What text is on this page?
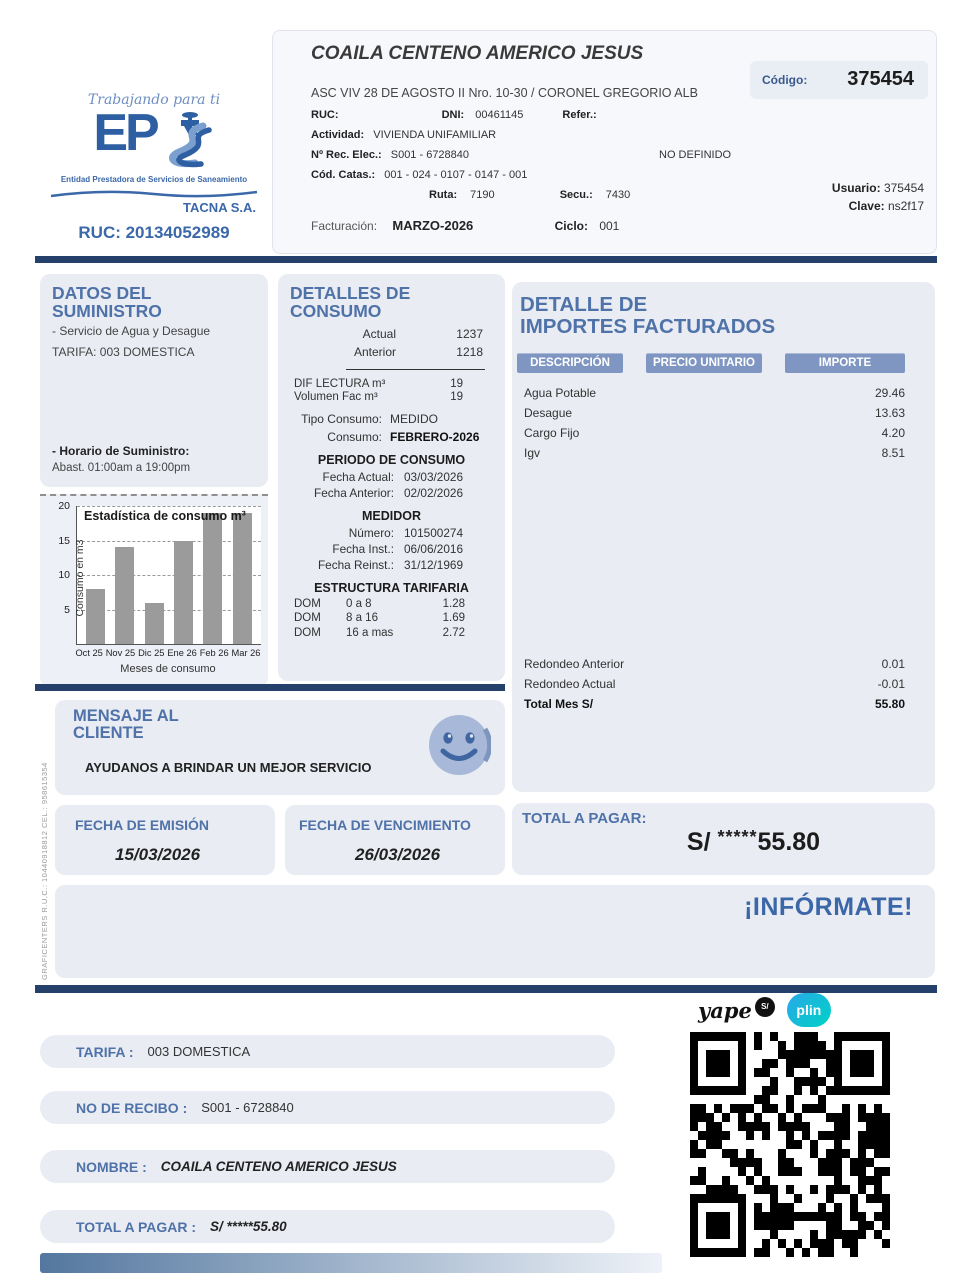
Trabajando para ti
EP
Entidad Prestadora de Servicios de Saneamiento
TACNA S.A.
RUC: 20134052989
COAILA CENTENO AMERICO JESUS
Código: 375454
ASC VIV 28 DE AGOSTO II Nro. 10-30 / CORONEL GREGORIO ALB
RUC:	DNI: 00461145	Refer.:
Actividad: VIVIENDA UNIFAMILIAR
Nº Rec. Elec.: S001 - 6728840	NO DEFINIDO
Cód. Catas.: 001 - 024 - 0107 - 0147 - 001
Ruta: 7190	Secu.: 7430	Usuario: 375454
Clave: ns2f17
Facturación: MARZO-2026	Ciclo: 001
DATOS DEL
SUMINISTRO
- Servicio de Agua y Desague
TARIFA: 003 DOMESTICA
- Horario de Suministro:
Abast. 01:00am a 19:00pm
Estadística de consumo m³
5
10
15
20
Consumo en m3
Oct 25 Nov 25 Dic 25 Ene 26 Feb 26 Mar 26
Meses de consumo
DETALLES DE
CONSUMO
Actual	1237
Anterior	1218
DIF LECTURA m³	19
Volumen Fac m³	19
Tipo Consumo: MEDIDO
Consumo: FEBRERO-2026
PERIODO DE CONSUMO
Fecha Actual: 03/03/2026
Fecha Anterior: 02/02/2026
MEDIDOR
Número: 101500274
Fecha Inst.: 06/06/2016
Fecha Reinst.: 31/12/1969
ESTRUCTURA TARIFARIA
DOM	0 a 8	1.28
DOM	8 a 16	1.69
DOM	16 a mas	2.72
DETALLE DE
IMPORTES FACTURADOS
DESCRIPCIÓN	PRECIO UNITARIO	IMPORTE
Agua Potable	29.46
Desague	13.63
Cargo Fijo	4.20
Igv	8.51
Redondeo Anterior	0.01
Redondeo Actual	-0.01
Total Mes S/	55.80
MENSAJE AL
CLIENTE
AYUDANOS A BRINDAR UN MEJOR SERVICIO
FECHA DE EMISIÓN
15/03/2026
FECHA DE VENCIMIENTO
26/03/2026
TOTAL A PAGAR:
S/ *****55.80
¡INFÓRMATE!
GRAFICENTERS R.U.C.: 10440918812 CEL.: 958615354
yape	S/	plin
TARIFA : 003 DOMESTICA
NO DE RECIBO : S001 - 6728840
NOMBRE : COAILA CENTENO AMERICO JESUS
TOTAL A PAGAR : S/ *****55.80
